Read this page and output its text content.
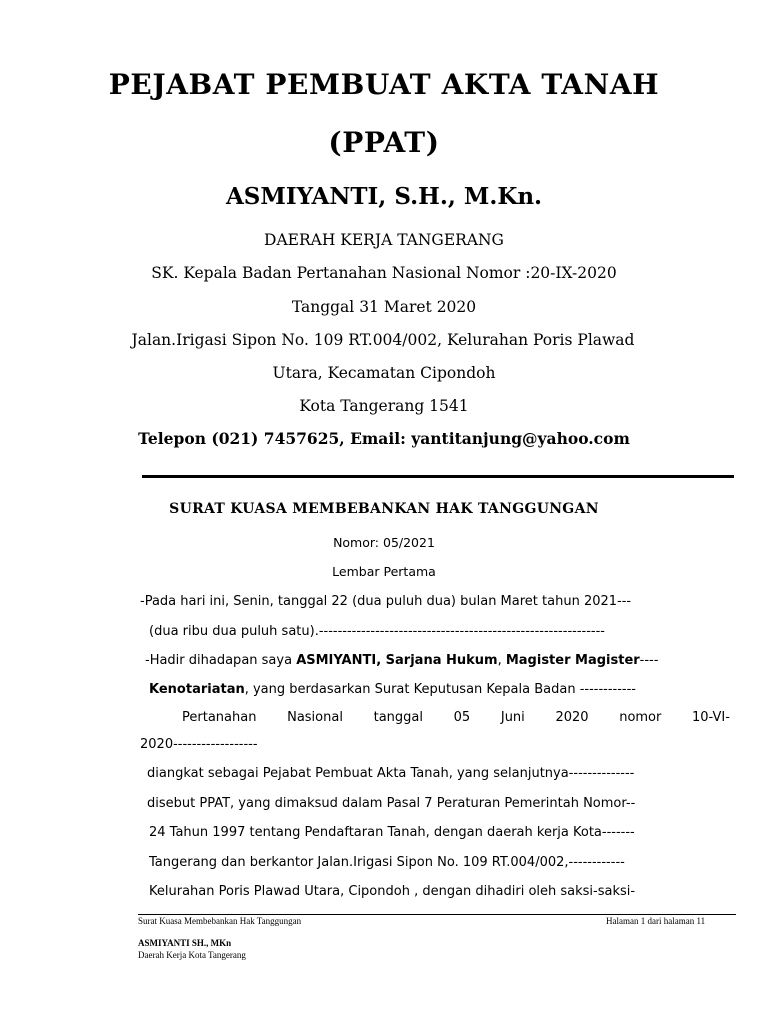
PEJABAT PEMBUAT AKTA TANAH
(PPAT)
ASMIYANTI, S.H., M.Kn.
DAERAH KERJA TANGERANG
SK. Kepala Badan Pertanahan Nasional Nomor :20-IX-2020
Tanggal 31 Maret 2020
Jalan.Irigasi Sipon No. 109 RT.004/002, Kelurahan Poris Plawad
Utara, Kecamatan Cipondoh
Kota Tangerang 1541
Telepon (021) 7457625, Email: yantitanjung@yahoo.com
SURAT KUASA MEMBEBANKAN HAK TANGGUNGAN
Nomor: 05/2021
Lembar Pertama
-Pada hari ini, Senin, tanggal 22 (dua puluh dua) bulan Maret tahun 2021---
(dua ribu dua puluh satu).-------------------------------------------------------------
-Hadir dihadapan saya ASMIYANTI, Sarjana Hukum, Magister Magister----
Kenotariatan, yang berdasarkan Surat Keputusan Kepala Badan ------------
Pertanahan Nasional tanggal 05 Juni 2020 nomor 10-VI-
2020------------------
diangkat sebagai Pejabat Pembuat Akta Tanah, yang selanjutnya--------------
disebut PPAT, yang dimaksud dalam Pasal 7 Peraturan Pemerintah Nomor--
24 Tahun 1997 tentang Pendaftaran Tanah, dengan daerah kerja Kota-------
Tangerang dan berkantor Jalan.Irigasi Sipon No. 109 RT.004/002,------------
Kelurahan Poris Plawad Utara, Cipondoh , dengan dihadiri oleh saksi-saksi-
Surat Kuasa Membebankan Hak Tanggungan	Halaman 1 dari halaman 11
ASMIYANTI SH., MKn
Daerah Kerja Kota Tangerang
